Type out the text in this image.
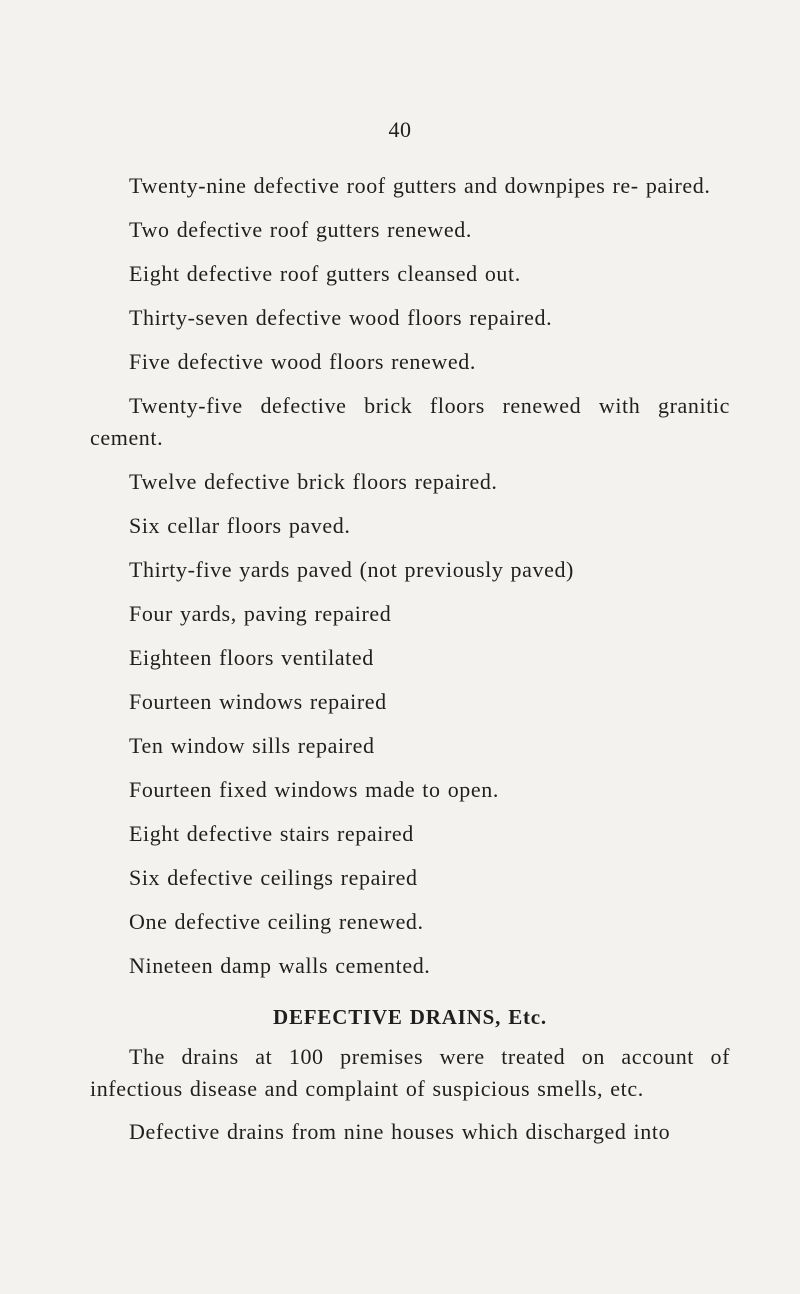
40

Twenty-nine defective roof gutters and downpipes re- paired.

Two defective roof gutters renewed.

Eight defective roof gutters cleansed out.

Thirty-seven defective wood floors repaired.

Five defective wood floors renewed.

Twenty-five defective brick floors renewed with granitic cement.

Twelve defective brick floors repaired.

Six cellar floors paved.

Thirty-five yards paved (not previously paved)

Four yards, paving repaired

Eighteen floors ventilated

Fourteen windows repaired

Ten window sills repaired

Fourteen fixed windows made to open.

Eight defective stairs repaired

Six defective ceilings repaired

One defective ceiling renewed.

Nineteen damp walls cemented.

DEFECTIVE DRAINS, Etc.

The drains at 100 premises were treated on account of infectious disease and complaint of suspicious smells, etc.

Defective drains from nine houses which discharged into
